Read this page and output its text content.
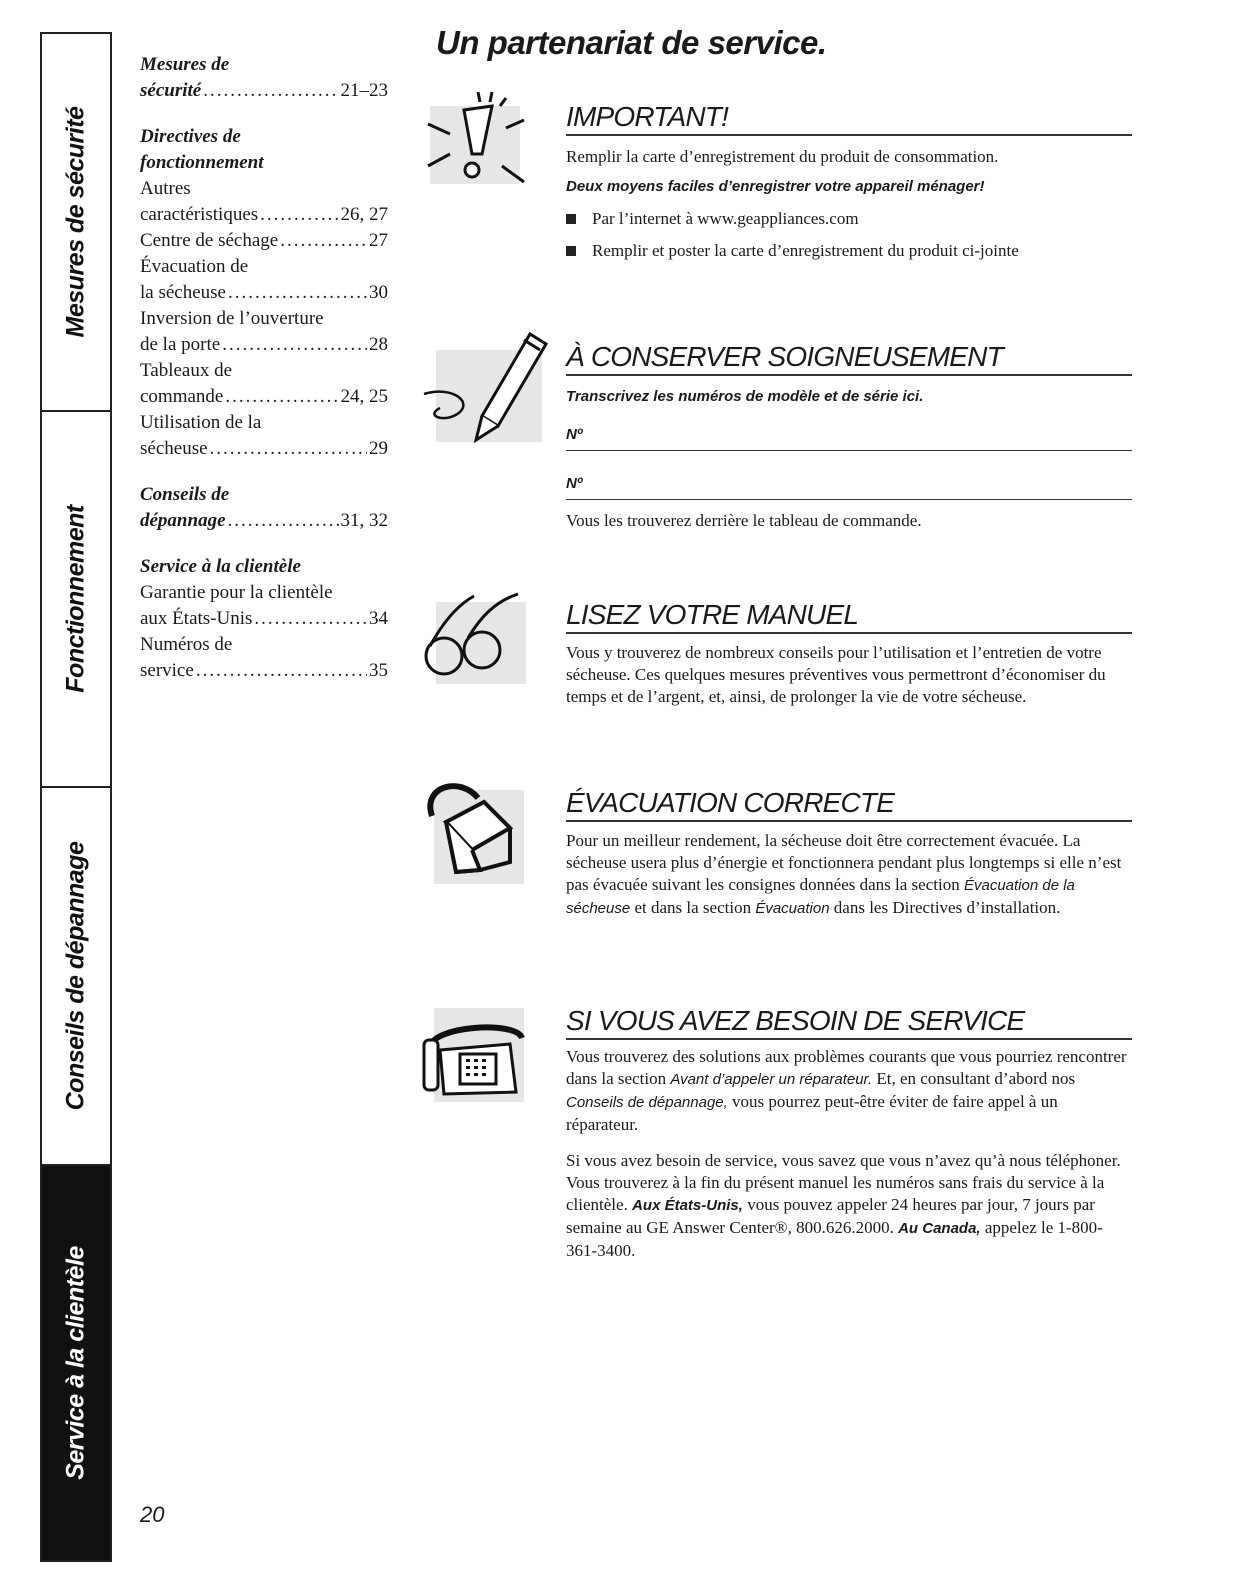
Mesures de sécurité
Fonctionnement
Conseils de dépannage
Service à la clientèle
Mesures de
sécurité .....	21–23
Directives de
fonctionnement
Autres
caractéristiques .....	26, 27
Centre de séchage .....	27
Évacuation de
la sécheuse .....	30
Inversion de l’ouverture
de la porte .....	28
Tableaux de
commande .....	24, 25
Utilisation de la
sécheuse .....	29
Conseils de
dépannage .....	31, 32
Service à la clientèle
Garantie pour la clientèle
aux États-Unis .....	34
Numéros de
service .....	35
Un partenariat de service.
IMPORTANT!

Remplir la carte d’enregistrement du produit de consommation.

Deux moyens faciles d’enregistrer votre appareil ménager!

Par l’internet à www.geappliances.com
Remplir et poster la carte d’enregistrement du produit ci-jointe
À CONSERVER SOIGNEUSEMENT

Transcrivez les numéros de modèle et de série ici.

Nº
Nº

Vous les trouverez derrière le tableau de commande.

LISEZ VOTRE MANUEL

Vous y trouverez de nombreux conseils pour l’utilisation et l’entretien de votre sécheuse. Ces quelques mesures préventives vous permettront d’économiser du temps et de l’argent, et, ainsi, de prolonger la vie de votre sécheuse.

ÉVACUATION CORRECTE

Pour un meilleur rendement, la sécheuse doit être correctement évacuée. La sécheuse usera plus d’énergie et fonctionnera pendant plus longtemps si elle n’est pas évacuée suivant les consignes données dans la section Évacuation de la sécheuse et dans la section Évacuation dans les Directives d’installation.

SI VOUS AVEZ BESOIN DE SERVICE

Vous trouverez des solutions aux problèmes courants que vous pourriez rencontrer dans la section Avant d’appeler un réparateur. Et, en consultant d’abord nos Conseils de dépannage, vous pourrez peut-être éviter de faire appel à un réparateur.

Si vous avez besoin de service, vous savez que vous n’avez qu’à nous téléphoner. Vous trouverez à la fin du présent manuel les numéros sans frais du service à la clientèle. Aux États-Unis, vous pouvez appeler 24 heures par jour, 7 jours par semaine au GE Answer Center®, 800.626.2000. Au Canada, appelez le 1-800-361-3400.

20
